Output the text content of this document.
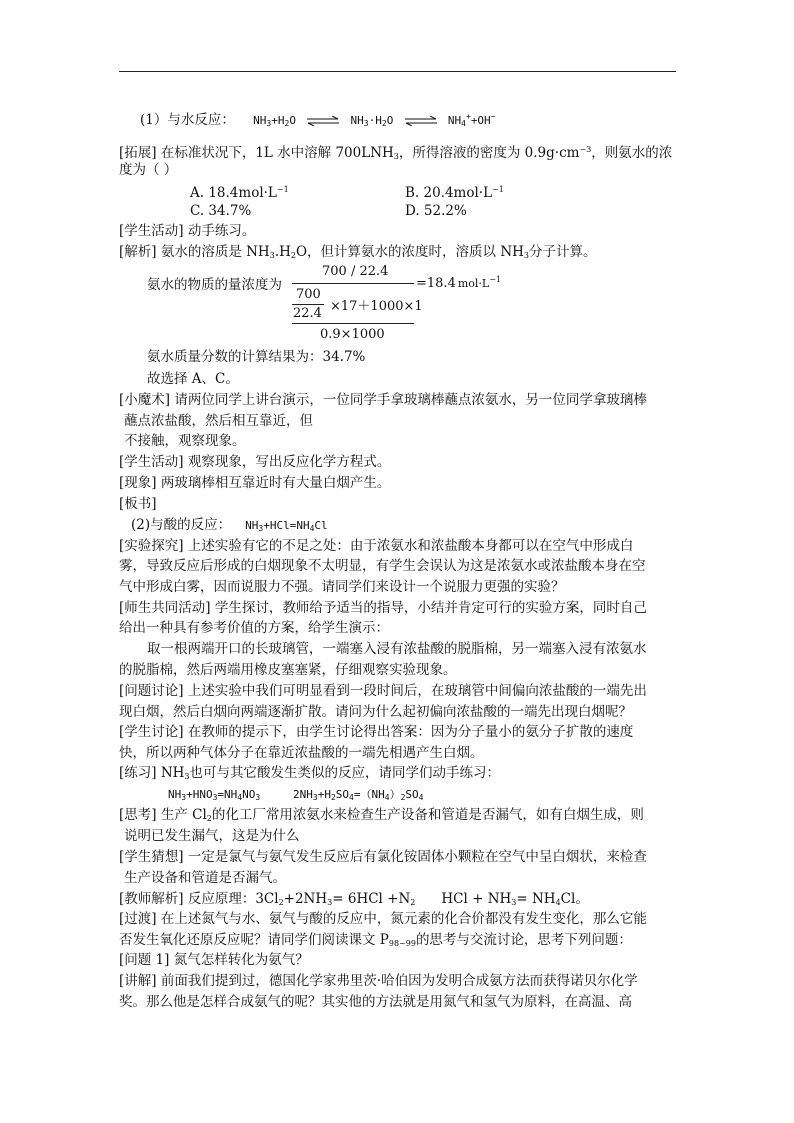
(1）与水反应： $NH_3+H_2O$ ⇌ $NH_3\cdot H_2O$ ⇌ $NH_4^++OH^-$
[拓展] 在标准状况下，1L 水中溶解 $700LNH_3$，所得溶液的密度为 $0.9g\cdot cm^{-3}$，则氨水的浓
度为（ ）
A. $18.4mol\cdot L^{-1}$	B. $20.4mol\cdot L^{-1}$
C. 34.7%	D. 52.2%
[学生活动] 动手练习。
[解析] 氨水的溶质是 $NH_3.H_2O$，但计算氨水的浓度时，溶质以 $NH_3$分子计算。
氨水的物质的量浓度为
700 / 22.4
=18.4 $mol\cdot L^{-1}$
700
×17＋1000×1
22.4
0.9×1000
氨水质量分数的计算结果为：34.7%
故选择 A、C。
[小魔术] 请两位同学上讲台演示，一位同学手拿玻璃棒蘸点浓氨水，另一位同学拿玻璃棒
蘸点浓盐酸，然后相互靠近，但
不接触，观察现象。
[学生活动] 观察现象，写出反应化学方程式。
[现象] 两玻璃棒相互靠近时有大量白烟产生。
[板书]
(2)与酸的反应： $NH_3+HCl=NH_4Cl$
[实验探究] 上述实验有它的不足之处：由于浓氨水和浓盐酸本身都可以在空气中形成白
雾，导致反应后形成的白烟现象不太明显，有学生会误认为这是浓氨水或浓盐酸本身在空
气中形成白雾，因而说服力不强。请同学们来设计一个说服力更强的实验？
[师生共同活动] 学生探讨，教师给予适当的指导，小结并肯定可行的实验方案，同时自己
给出一种具有参考价值的方案，给学生演示：
取一根两端开口的长玻璃管，一端塞入浸有浓盐酸的脱脂棉，另一端塞入浸有浓氨水
的脱脂棉，然后两端用橡皮塞塞紧，仔细观察实验现象。
[问题讨论] 上述实验中我们可明显看到一段时间后，在玻璃管中间偏向浓盐酸的一端先出
现白烟，然后白烟向两端逐渐扩散。请问为什么起初偏向浓盐酸的一端先出现白烟呢？
[学生讨论] 在教师的提示下，由学生讨论得出答案：因为分子量小的氨分子扩散的速度
快，所以两种气体分子在靠近浓盐酸的一端先相遇产生白烟。
[练习] $NH_3$也可与其它酸发生类似的反应，请同学们动手练习：
$NH_3+HNO_3=NH_4NO_3$	$2NH_3+H_2SO_4=(NH_4)_2SO_4$
[思考] 生产 $Cl_2$的化工厂常用浓氨水来检查生产设备和管道是否漏气，如有白烟生成，则
说明已发生漏气，这是为什么
[学生猜想] 一定是氯气与氨气发生反应后有氯化铵固体小颗粒在空气中呈白烟状，来检查
生产设备和管道是否漏气。
[教师解析] 反应原理：$3Cl_2+2NH_3= 6HCl +N_2$ HCl + $NH_3= NH_4Cl$。
[过渡] 在上述氮气与水、氨气与酸的反应中，氮元素的化合价都没有发生变化，那么它能
否发生氧化还原反应呢？请同学们阅读课文 $P_{98\sim 99}$的思考与交流讨论，思考下列问题：
[问题 1] 氮气怎样转化为氨气？
[讲解] 前面我们提到过，德国化学家弗里茨·哈伯因为发明合成氨方法而获得诺贝尔化学
奖。那么他是怎样合成氨气的呢？其实他的方法就是用氮气和氢气为原料，在高温、高
